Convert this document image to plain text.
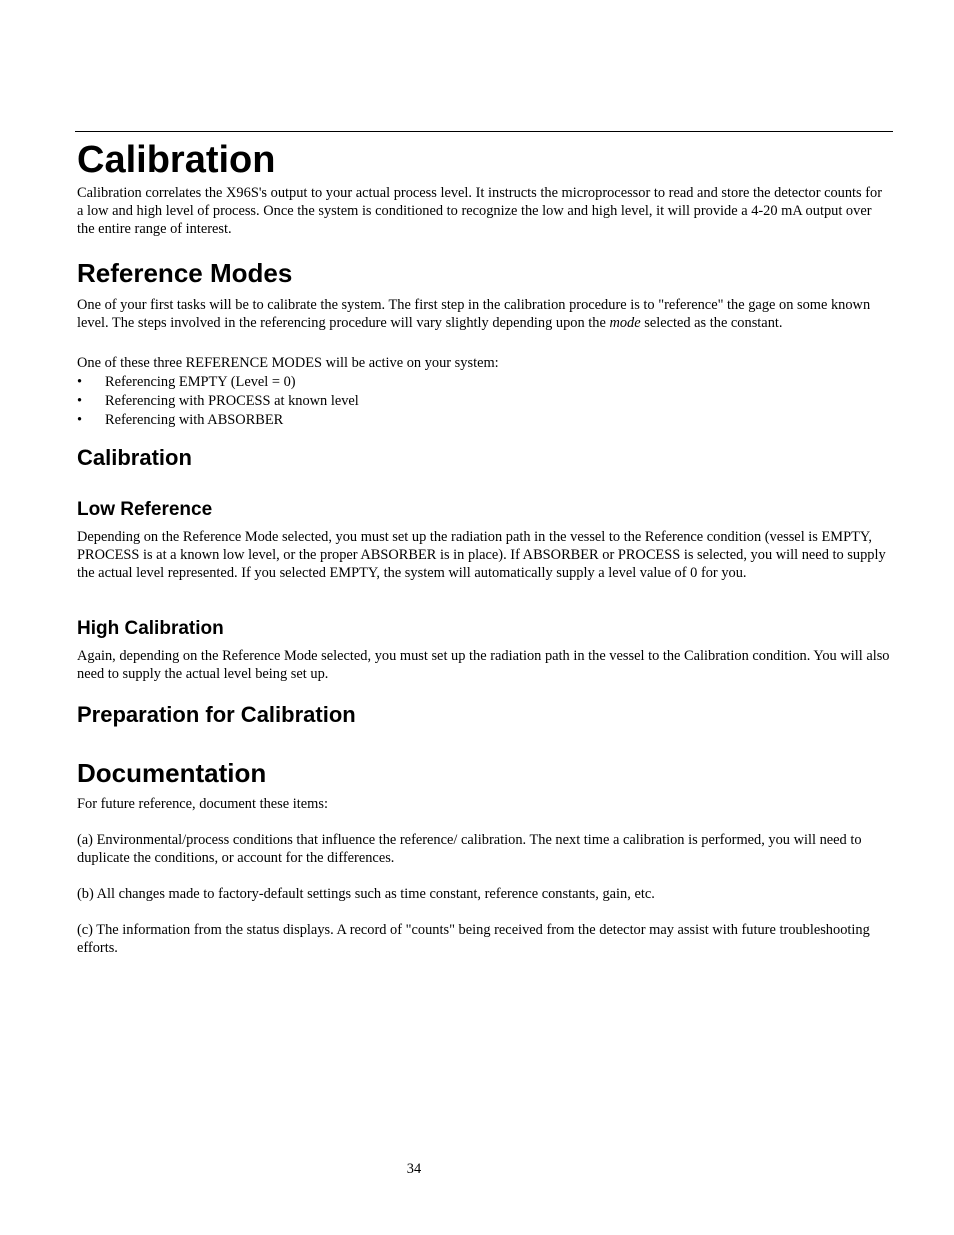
Calibration

Calibration correlates the X96S's output to your actual process level. It instructs the microprocessor to read and store the detector counts for a low and high level of process. Once the system is conditioned to recognize the low and high level, it will provide a 4-20 mA output over the entire range of interest.

Reference Modes

One of your first tasks will be to calibrate the system. The first step in the calibration procedure is to "reference" the gage on some known level. The steps involved in the referencing procedure will vary slightly depending upon the mode selected as the constant.

One of these three REFERENCE MODES will be active on your system:

• Referencing EMPTY (Level = 0)
• Referencing with PROCESS at known level
• Referencing with ABSORBER
Calibration
Low Reference

Depending on the Reference Mode selected, you must set up the radiation path in the vessel to the Reference condition (vessel is EMPTY, PROCESS is at a known low level, or the proper ABSORBER is in place). If ABSORBER or PROCESS is selected, you will need to supply the actual level represented. If you selected EMPTY, the system will automatically supply a level value of 0 for you.

High Calibration

Again, depending on the Reference Mode selected, you must set up the radiation path in the vessel to the Calibration condition. You will also need to supply the actual level being set up.

Preparation for Calibration
Documentation

For future reference, document these items:

(a) Environmental/process conditions that influence the reference/ calibration. The next time a calibration is performed, you will need to duplicate the conditions, or account for the differences.

(b) All changes made to factory-default settings such as time constant, reference constants, gain, etc.

(c) The information from the status displays. A record of "counts" being received from the detector may assist with future troubleshooting efforts.

34
